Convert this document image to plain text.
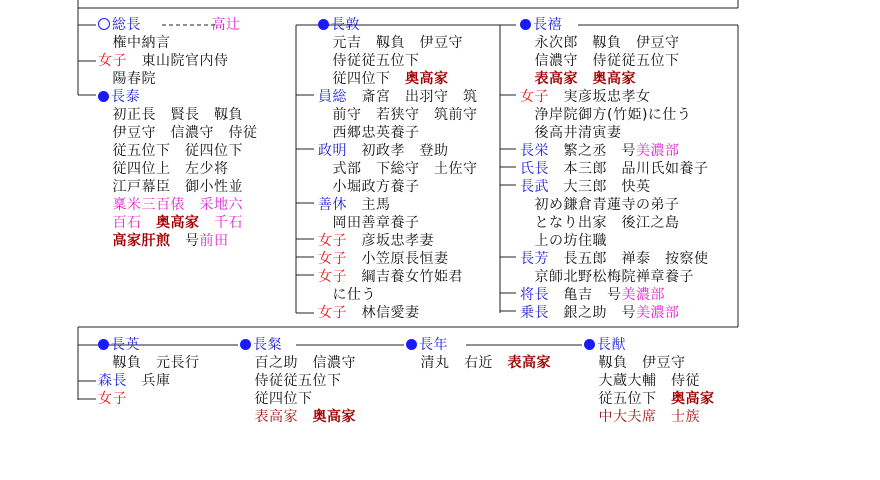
総長　	高辻
　権中納言
女子　東山院官内侍
　陽春院
長泰
　初正長　賢長　靱負
　伊豆守　信濃守　侍従
　従五位下　従四位下
　従四位上　左少将
　江戸幕臣　御小性並
　稟米三百俵　采地六
　百石　奥高家　千石
　高家肝煎　号前田
長敦
　元吉　靱負　伊豆守
　侍従従五位下
　従四位下　奥高家
員総　斎宮　出羽守　筑
　前守　若狭守　筑前守
　西郷忠英養子
政明　初政孝　登助
　式部　下総守　土佐守
　小堀政方養子
善休　主馬
　岡田善章養子
女子　彦坂忠孝妻
女子　小笠原長恒妻
女子　綱吉養女竹姫君
　に仕う
女子　林信愛妻
長禧
　永次郎　靱負　伊豆守
　信濃守　侍従従五位下
　表高家　奥高家
女子　実彦坂忠孝女
　浄岸院御方(竹姫)に仕う
　後高井清寅妻
長栄　繁之丞　号美濃部
氏長　本三郎　品川氏如養子
長武　大三郎　快英
　初め鎌倉青蓮寺の弟子
　となり出家　後江之島
　上の坊住職
長芳　長五郎　禅泰　按察使
　京師北野松梅院禅章養子
将長　亀吉　号美濃部
乗長　銀之助　号美濃部
長英
　靱負　元長行
森長　兵庫
女子
長粲
　百之助　信濃守
　侍従従五位下
　従四位下
　表高家　奥高家
長年
　清丸　右近　表高家
長猷
　靱負　伊豆守
　大蔵大輔　侍従
　従五位下　奥高家
　中大夫席　士族
